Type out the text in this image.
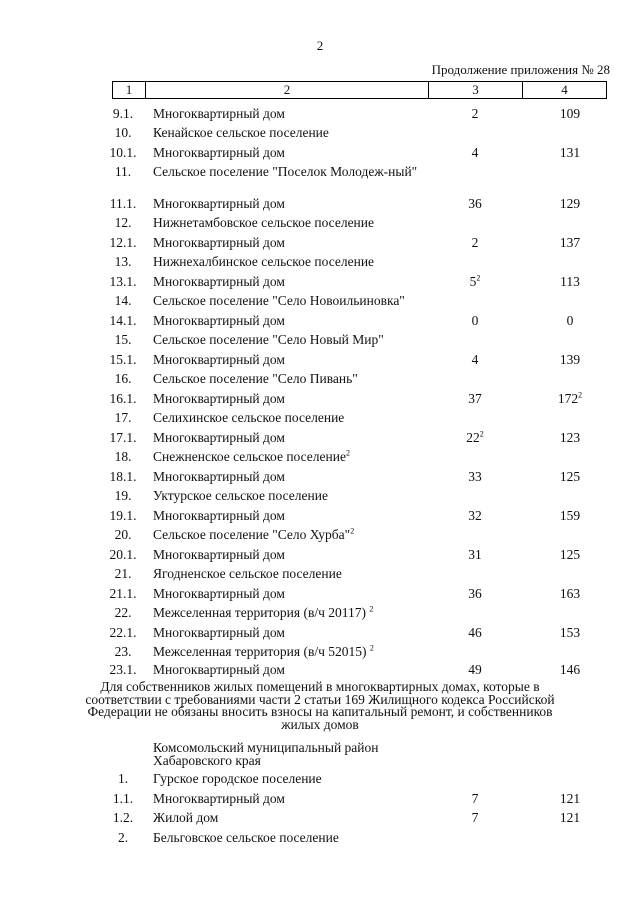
2
Продолжение приложения № 28
1	2	3	4
9.1.	Многоквартирный дом	2	109
10.	Кенайское сельское поселение
10.1.	Многоквартирный дом	4	131
11.	Сельское поселение "Поселок Молодеж-ный"
11.1.	Многоквартирный дом	36	129
12.	Нижнетамбовское сельское поселение
12.1.	Многоквартирный дом	2	137
13.	Нижнехалбинское сельское поселение
13.1.	Многоквартирный дом	$5^2$	113
14.	Сельское поселение "Село Новоильиновка"
14.1.	Многоквартирный дом	0	0
15.	Сельское поселение "Село Новый Мир"
15.1.	Многоквартирный дом	4	139
16.	Сельское поселение "Село Пивань"
16.1.	Многоквартирный дом	37	$172^2$
17.	Селихинское сельское поселение
17.1.	Многоквартирный дом	$22^2$	123
18.	Снежненское сельское поселение$^2$
18.1.	Многоквартирный дом	33	125
19.	Уктурское сельское поселение
19.1.	Многоквартирный дом	32	159
20.	Сельское поселение "Село Хурба"$^2$
20.1.	Многоквартирный дом	31	125
21.	Ягодненское сельское поселение
21.1.	Многоквартирный дом	36	163
22.	Межселенная территория (в/ч 20117) $^2$
22.1.	Многоквартирный дом	46	153
23.	Межселенная территория (в/ч 52015) $^2$
23.1.	Многоквартирный дом	49	146
Для собственников жилых помещений в многоквартирных домах, которые в соответствии с требованиями части 2 статьи 169 Жилищного кодекса Российской Федерации не обязаны вносить взносы на капитальный ремонт, и собственников жилых домов
Комсомольский муниципальный район Хабаровского края
1.	Гурское городское поселение
1.1.	Многоквартирный дом	7	121
1.2.	Жилой дом	7	121
2.	Бельговское сельское поселение
